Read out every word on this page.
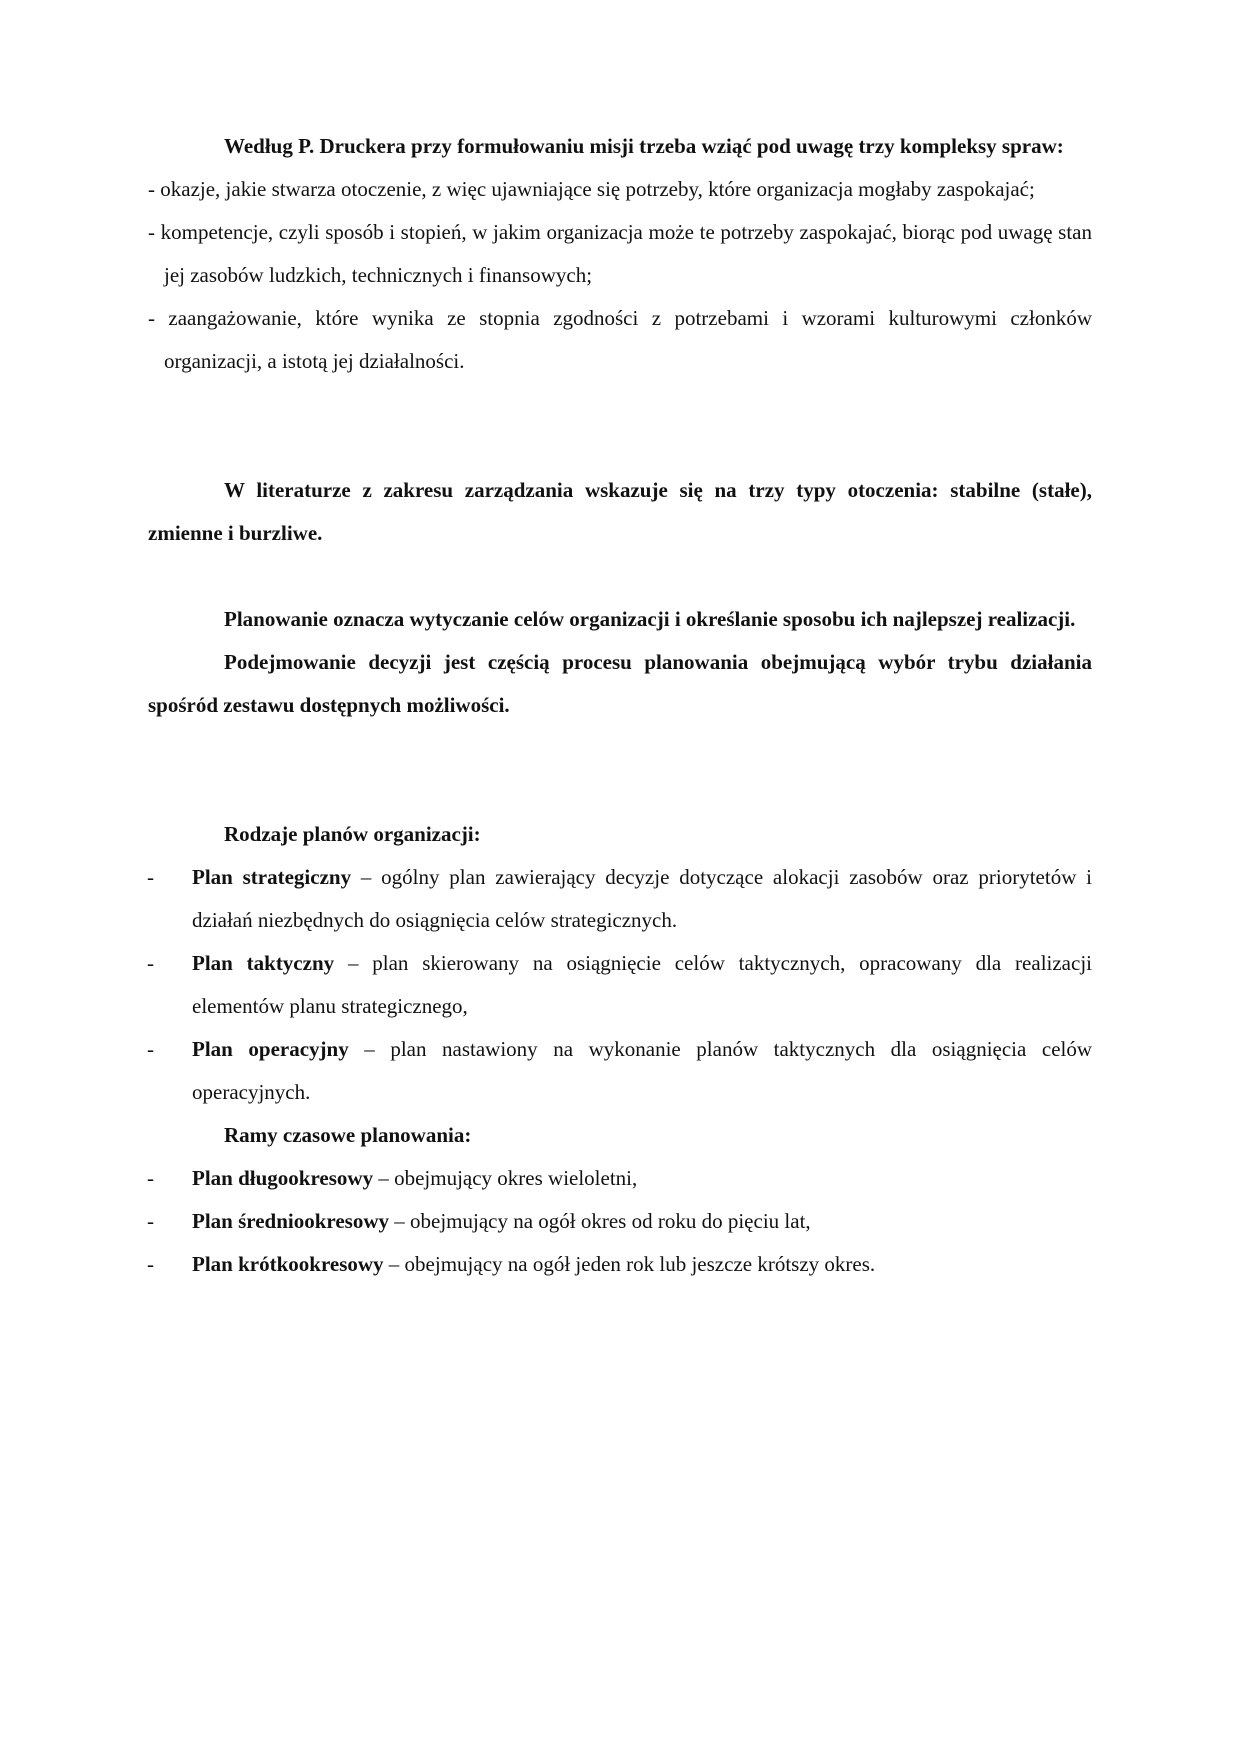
Według P. Druckera przy formułowaniu misji trzeba wziąć pod uwagę trzy kompleksy spraw:

- okazje, jakie stwarza otoczenie, z więc ujawniające się potrzeby, które organizacja mogłaby zaspokajać;

- kompetencje, czyli sposób i stopień, w jakim organizacja może te potrzeby zaspokajać, biorąc pod uwagę stan jej zasobów ludzkich, technicznych i finansowych;

- zaangażowanie, które wynika ze stopnia zgodności z potrzebami i wzorami kulturowymi członków organizacji, a istotą jej działalności.

W literaturze z zakresu zarządzania wskazuje się na trzy typy otoczenia: stabilne (stałe), zmienne i burzliwe.

Planowanie oznacza wytyczanie celów organizacji i określanie sposobu ich najlepszej realizacji.

Podejmowanie decyzji jest częścią procesu planowania obejmującą wybór trybu działania spośród zestawu dostępnych możliwości.

Rodzaje planów organizacji:

- Plan strategiczny – ogólny plan zawierający decyzje dotyczące alokacji zasobów oraz priorytetów i działań niezbędnych do osiągnięcia celów strategicznych.

- Plan taktyczny – plan skierowany na osiągnięcie celów taktycznych, opracowany dla realizacji elementów planu strategicznego,

- Plan operacyjny – plan nastawiony na wykonanie planów taktycznych dla osiągnięcia celów operacyjnych.

Ramy czasowe planowania:

- Plan długookresowy – obejmujący okres wieloletni,

- Plan średniookresowy – obejmujący na ogół okres od roku do pięciu lat,

- Plan krótkookresowy – obejmujący na ogół jeden rok lub jeszcze krótszy okres.
